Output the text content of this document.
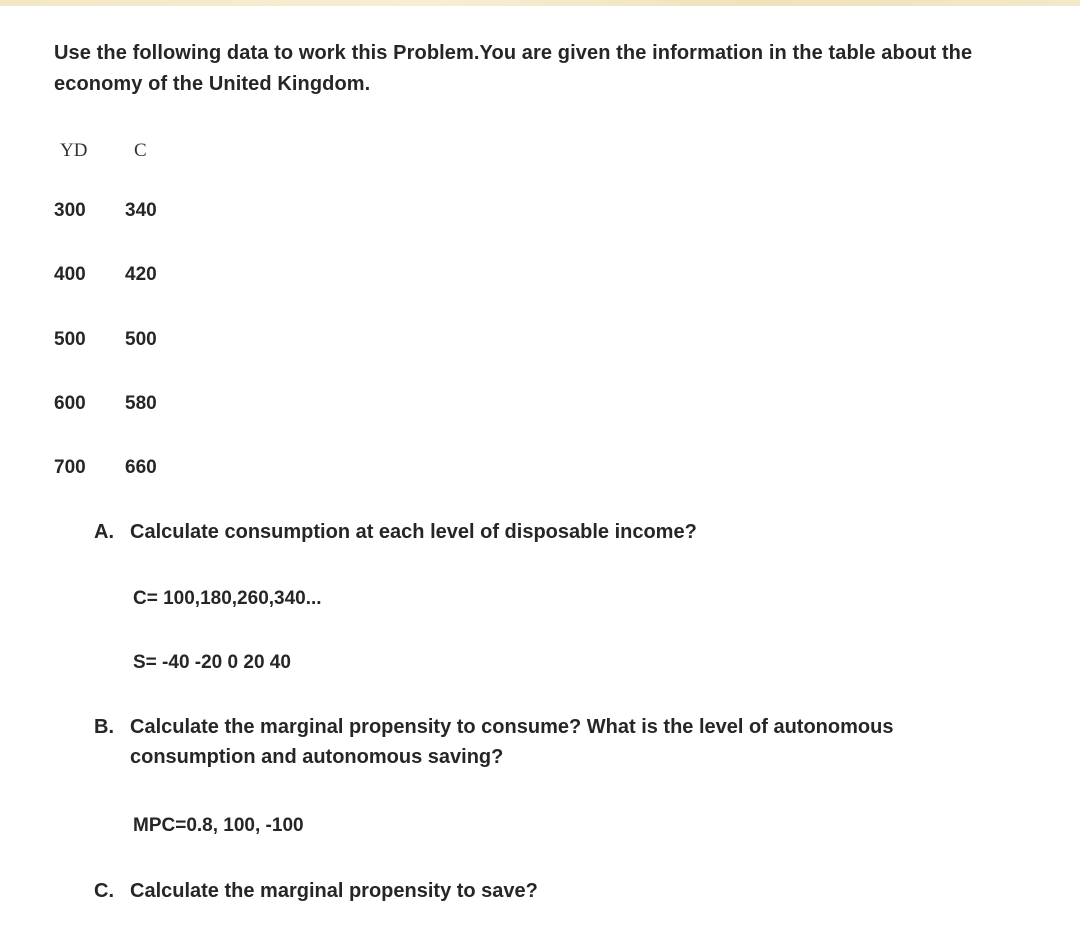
Use the following data to work this Problem.You are given the information in the table about the economy of the United Kingdom.
YD C
300 340
400 420
500 500
600 580
700 660
A. Calculate consumption at each level of disposable income?
C= 100,180,260,340...
S= -40 -20 0 20 40
B. Calculate the marginal propensity to consume? What is the level of autonomous consumption and autonomous saving?
MPC=0.8, 100, -100
C. Calculate the marginal propensity to save?
